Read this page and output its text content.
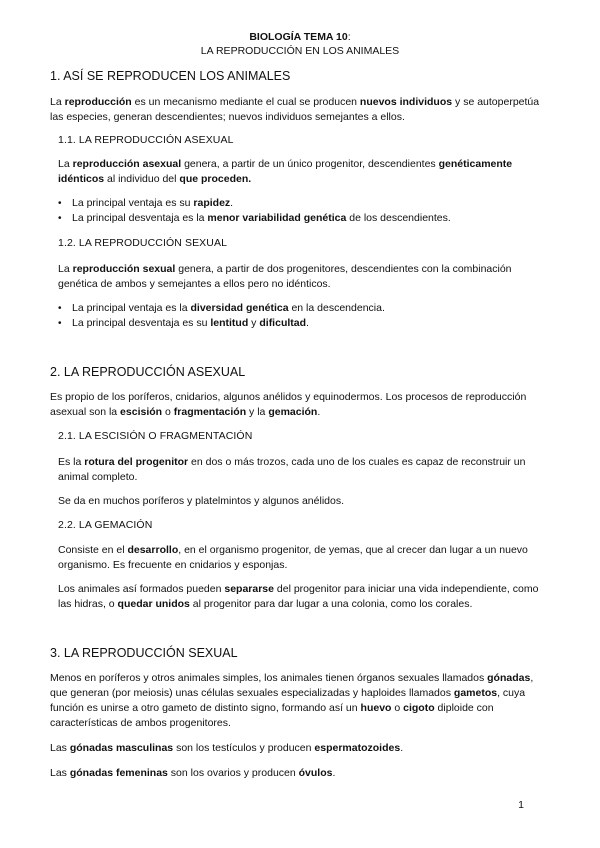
BIOLOGÍA TEMA 10:
LA REPRODUCCIÓN EN LOS ANIMALES
1. ASÍ SE REPRODUCEN LOS ANIMALES

La reproducción es un mecanismo mediante el cual se producen nuevos individuos y se autoperpetúa las especies, generan descendientes; nuevos individuos semejantes a ellos.

1.1. LA REPRODUCCIÓN ASEXUAL

La reproducción asexual genera, a partir de un único progenitor, descendientes genéticamente idénticos al individuo del que proceden.

• La principal ventaja es su rapidez.
• La principal desventaja es la menor variabilidad genética de los descendientes.
1.2. LA REPRODUCCIÓN SEXUAL

La reproducción sexual genera, a partir de dos progenitores, descendientes con la combinación genética de ambos y semejantes a ellos pero no idénticos.

• La principal ventaja es la diversidad genética en la descendencia.
• La principal desventaja es su lentitud y dificultad.
2. LA REPRODUCCIÓN ASEXUAL

Es propio de los poríferos, cnidarios, algunos anélidos y equinodermos. Los procesos de reproducción asexual son la escisión o fragmentación y la gemación.

2.1. LA ESCISIÓN O FRAGMENTACIÓN

Es la rotura del progenitor en dos o más trozos, cada uno de los cuales es capaz de reconstruir un animal completo.

Se da en muchos poríferos y platelmintos y algunos anélidos.

2.2. LA GEMACIÓN

Consiste en el desarrollo, en el organismo progenitor, de yemas, que al crecer dan lugar a un nuevo organismo. Es frecuente en cnidarios y esponjas.

Los animales así formados pueden separarse del progenitor para iniciar una vida independiente, como las hidras, o quedar unidos al progenitor para dar lugar a una colonia, como los corales.

3. LA REPRODUCCIÓN SEXUAL

Menos en poríferos y otros animales simples, los animales tienen órganos sexuales llamados gónadas, que generan (por meiosis) unas células sexuales especializadas y haploides llamados gametos, cuya función es unirse a otro gameto de distinto signo, formando así un huevo o cigoto diploide con características de ambos progenitores.

Las gónadas masculinas son los testículos y producen espermatozoides.

Las gónadas femeninas son los ovarios y producen óvulos.

1
